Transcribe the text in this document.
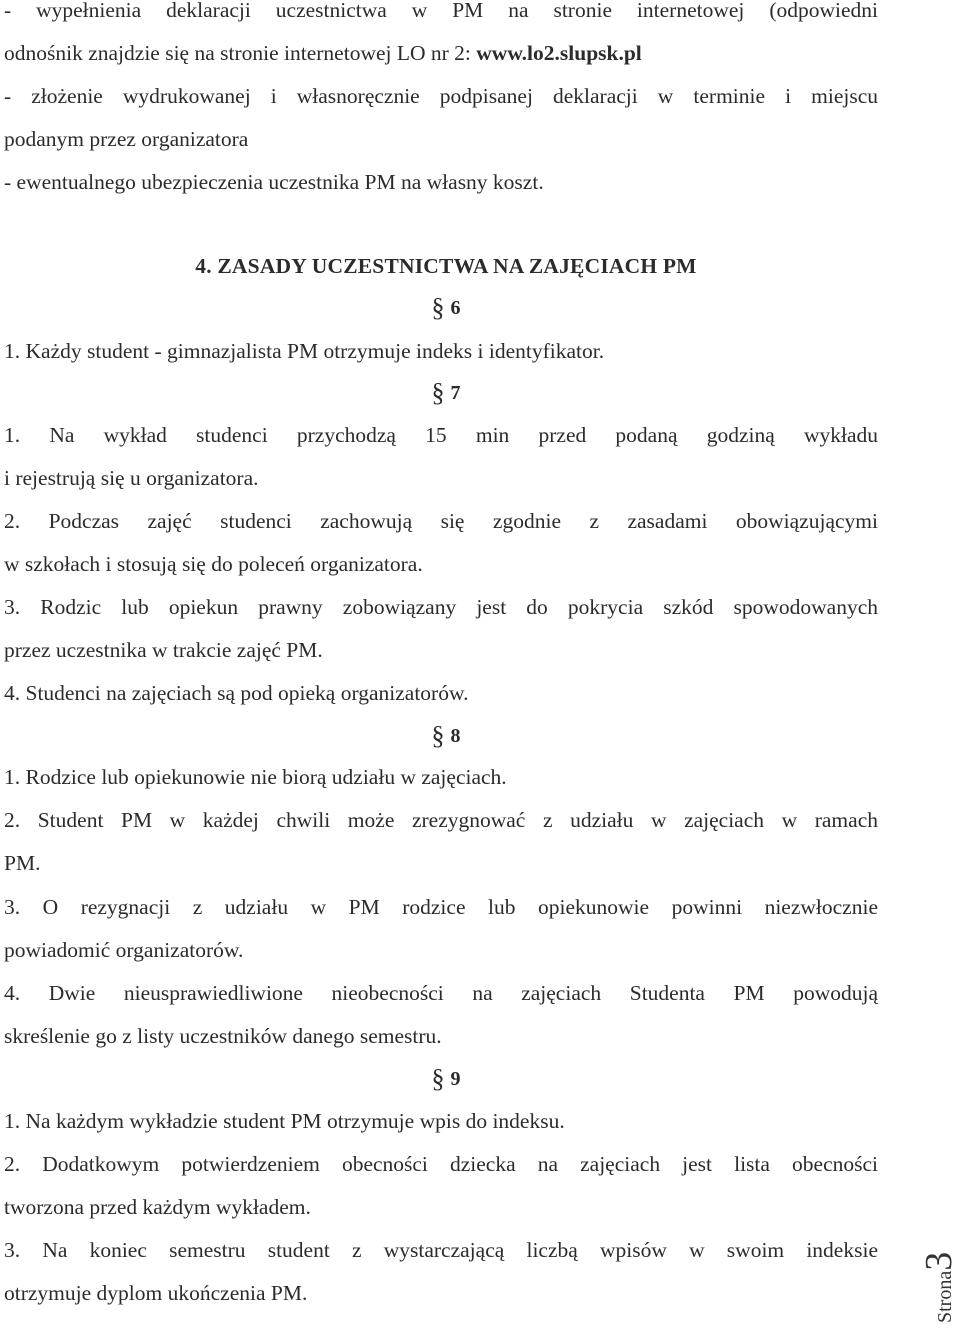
- wypełnienia deklaracji uczestnictwa w PM na stronie internetowej (odpowiedni
odnośnik znajdzie się na stronie internetowej LO nr 2: www.lo2.slupsk.pl
- złożenie wydrukowanej i własnoręcznie podpisanej deklaracji w terminie i miejscu
podanym przez organizatora
- ewentualnego ubezpieczenia uczestnika PM na własny koszt.
4. ZASADY UCZESTNICTWA NA ZAJĘCIACH PM
§ 6
1. Każdy student - gimnazjalista PM otrzymuje indeks i identyfikator.
§ 7
1. Na wykład studenci przychodzą 15 min przed podaną godziną wykładu
i rejestrują się u organizatora.
2. Podczas zajęć studenci zachowują się zgodnie z zasadami obowiązującymi
w szkołach i stosują się do poleceń organizatora.
3. Rodzic lub opiekun prawny zobowiązany jest do pokrycia szkód spowodowanych
przez uczestnika w trakcie zajęć PM.
4. Studenci na zajęciach są pod opieką organizatorów.
§ 8
1. Rodzice lub opiekunowie nie biorą udziału w zajęciach.
2. Student PM w każdej chwili może zrezygnować z udziału w zajęciach w ramach
PM.
3. O rezygnacji z udziału w PM rodzice lub opiekunowie powinni niezwłocznie
powiadomić organizatorów.
4. Dwie nieusprawiedliwione nieobecności na zajęciach Studenta PM powodują
skreślenie go z listy uczestników danego semestru.
§ 9
1. Na każdym wykładzie student PM otrzymuje wpis do indeksu.
2. Dodatkowym potwierdzeniem obecności dziecka na zajęciach jest lista obecności
tworzona przed każdym wykładem.
3. Na koniec semestru student z wystarczającą liczbą wpisów w swoim indeksie
otrzymuje dyplom ukończenia PM.	Strona3
